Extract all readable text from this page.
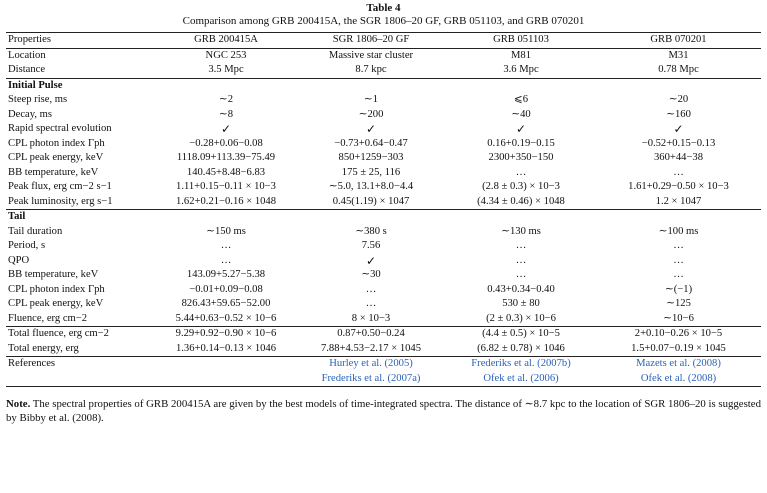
Table 4
Comparison among GRB 200415A, the SGR 1806–20 GF, GRB 051103, and GRB 070201
Properties	GRB 200415A	SGR 1806–20 GF	GRB 051103	GRB 070201
Location	NGC 253	Massive star cluster	M81	M31
Distance	3.5 Mpc	8.7 kpc	3.6 Mpc	0.78 Mpc
Initial Pulse				
Steep rise, ms	∼2	∼1	⩽6	∼20
Decay, ms	∼8	∼200	∼40	∼160
Rapid spectral evolution	✓	✓	✓	✓
CPL photon index Γph	−0.28+0.06−0.08	−0.73+0.64−0.47	0.16+0.19−0.15	−0.52+0.15−0.13
CPL peak energy, keV	1118.09+113.39−75.49	850+1259−303	2300+350−150	360+44−38
BB temperature, keV	140.45+8.48−6.83	175 ± 25, 116	…	…
Peak flux, erg cm−2 s−1	1.11+0.15−0.11 × 10−3	∼5.0, 13.1+8.0−4.4	(2.8 ± 0.3) × 10−3	1.61+0.29−0.50 × 10−3
Peak luminosity, erg s−1	1.62+0.21−0.16 × 1048	0.45(1.19) × 1047	(4.34 ± 0.46) × 1048	1.2 × 1047
Tail				
Tail duration	∼150 ms	∼380 s	∼130 ms	∼100 ms
Period, s	…	7.56	…	…
QPO	…	✓	…	…
BB temperature, keV	143.09+5.27−5.38	∼30	…	…
CPL photon index Γph	−0.01+0.09−0.08	…	0.43+0.34−0.40	∼(−1)
CPL peak energy, keV	826.43+59.65−52.00	…	530 ± 80	∼125
Fluence, erg cm−2	5.44+0.63−0.52 × 10−6	8 × 10−3	(2 ± 0.3) × 10−6	∼10−6
Total fluence, erg cm−2	9.29+0.92−0.90 × 10−6	0.87+0.50−0.24	(4.4 ± 0.5) × 10−5	2+0.10−0.26 × 10−5
Total energy, erg	1.36+0.14−0.13 × 1046	7.88+4.53−2.17 × 1045	(6.82 ± 0.78) × 1046	1.5+0.07−0.19 × 1045
References		Hurley et al. (2005)	Frederiks et al. (2007b)	Mazets et al. (2008)
		Frederiks et al. (2007a)	Ofek et al. (2006)	Ofek et al. (2008)
Note. The spectral properties of GRB 200415A are given by the best models of time-integrated spectra. The distance of ∼8.7 kpc to the location of SGR 1806–20 is suggested by Bibby et al. (2008).
